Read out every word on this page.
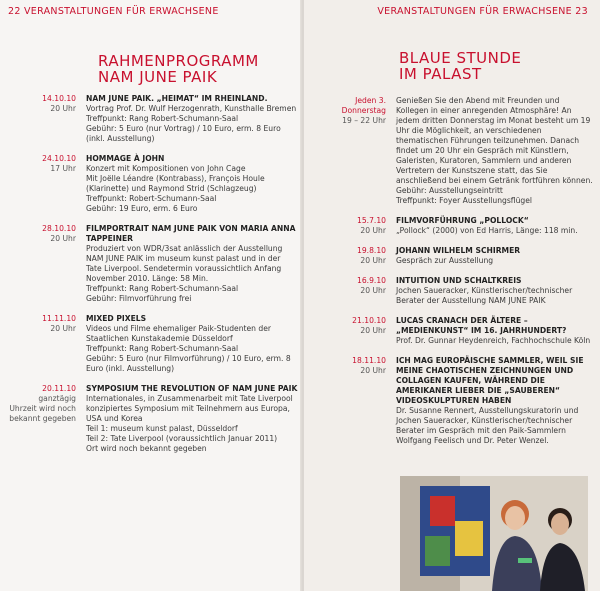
22 VERANSTALTUNGEN FÜR ERWACHSENE
RAHMENPROGRAMM
NAM JUNE PAIK
14.10.10
20 Uhr
NAM JUNE PAIK. „HEIMAT“ IM RHEINLAND.
Vortrag Prof. Dr. Wulf Herzogenrath, Kunsthalle Bremen
Treffpunkt: Rang Robert-Schumann-Saal
Gebühr: 5 Euro (nur Vortrag) / 10 Euro, erm. 8 Euro (inkl. Ausstellung)
24.10.10
17 Uhr
HOMMAGE À JOHN
Konzert mit Kompositionen von John Cage
Mit Joëlle Léandre (Kontrabass), François Houle (Klarinette) und Raymond Strid (Schlagzeug)
Treffpunkt: Robert-Schumann-Saal
Gebühr: 19 Euro, erm. 6 Euro
28.10.10
20 Uhr
FILMPORTRAIT NAM JUNE PAIK VON MARIA ANNA TAPPEINER
Produziert von WDR/3sat anlässlich der Ausstellung NAM JUNE PAIK im museum kunst palast und in der Tate Liverpool. Sendetermin voraussichtlich Anfang November 2010. Länge: 58 Min.
Treffpunkt: Rang Robert-Schumann-Saal
Gebühr: Filmvorführung frei
11.11.10
20 Uhr
MIXED PIXELS
Videos und Filme ehemaliger Paik-Studenten der Staatlichen Kunstakademie Düsseldorf
Treffpunkt: Rang Robert-Schumann-Saal
Gebühr: 5 Euro (nur Filmvorführung) / 10 Euro, erm. 8 Euro (inkl. Ausstellung)
20.11.10
ganztägig
Uhrzeit wird noch bekannt gegeben
SYMPOSIUM THE REVOLUTION OF NAM JUNE PAIK
Internationales, in Zusammenarbeit mit Tate Liverpool konzipiertes Symposium mit Teilnehmern aus Europa, USA und Korea
Teil 1: museum kunst palast, Düsseldorf
Teil 2: Tate Liverpool (voraussichtlich Januar 2011)
Ort wird noch bekannt gegeben
VERANSTALTUNGEN FÜR ERWACHSENE 23
BLAUE STUNDE
IM PALAST
Jeden 3. Donnerstag
19 – 22 Uhr
Genießen Sie den Abend mit Freunden und Kollegen in einer anregenden Atmosphäre! An jedem dritten Donnerstag im Monat besteht um 19 Uhr die Möglichkeit, an verschiedenen thematischen Führungen teilzunehmen. Danach findet um 20 Uhr ein Gespräch mit Künstlern, Galeristen, Kuratoren, Sammlern und anderen Vertretern der Kunstszene statt, das Sie anschließend bei einem Getränk fortführen können.
Gebühr: Ausstellungseintritt
Treffpunkt: Foyer Ausstellungsflügel
15.7.10
20 Uhr
FILMVORFÜHRUNG „POLLOCK“
„Pollock“ (2000) von Ed Harris, Länge: 118 min.
19.8.10
20 Uhr
JOHANN WILHELM SCHIRMER
Gespräch zur Ausstellung
16.9.10
20 Uhr
INTUITION UND SCHALTKREIS
Jochen Saueracker, Künstlerischer/technischer Berater der Ausstellung NAM JUNE PAIK
21.10.10
20 Uhr
LUCAS CRANACH DER ÄLTERE – „MEDIENKUNST“ IM 16. JAHRHUNDERT?
Prof. Dr. Gunnar Heydenreich, Fachhochschule Köln
18.11.10
20 Uhr
ICH MAG EUROPÄISCHE SAMMLER, WEIL SIE MEINE CHAOTISCHEN ZEICHNUNGEN UND COLLAGEN KAUFEN, WÄHREND DIE AMERIKANER LIEBER DIE „SAUBEREN“ VIDEOSKULPTUREN HABEN
Dr. Susanne Rennert, Ausstellungskuratorin und Jochen Saueracker, Künstlerischer/technischer Berater im Gespräch mit den Paik-Sammlern Wolfgang Feelisch und Dr. Peter Wenzel.
